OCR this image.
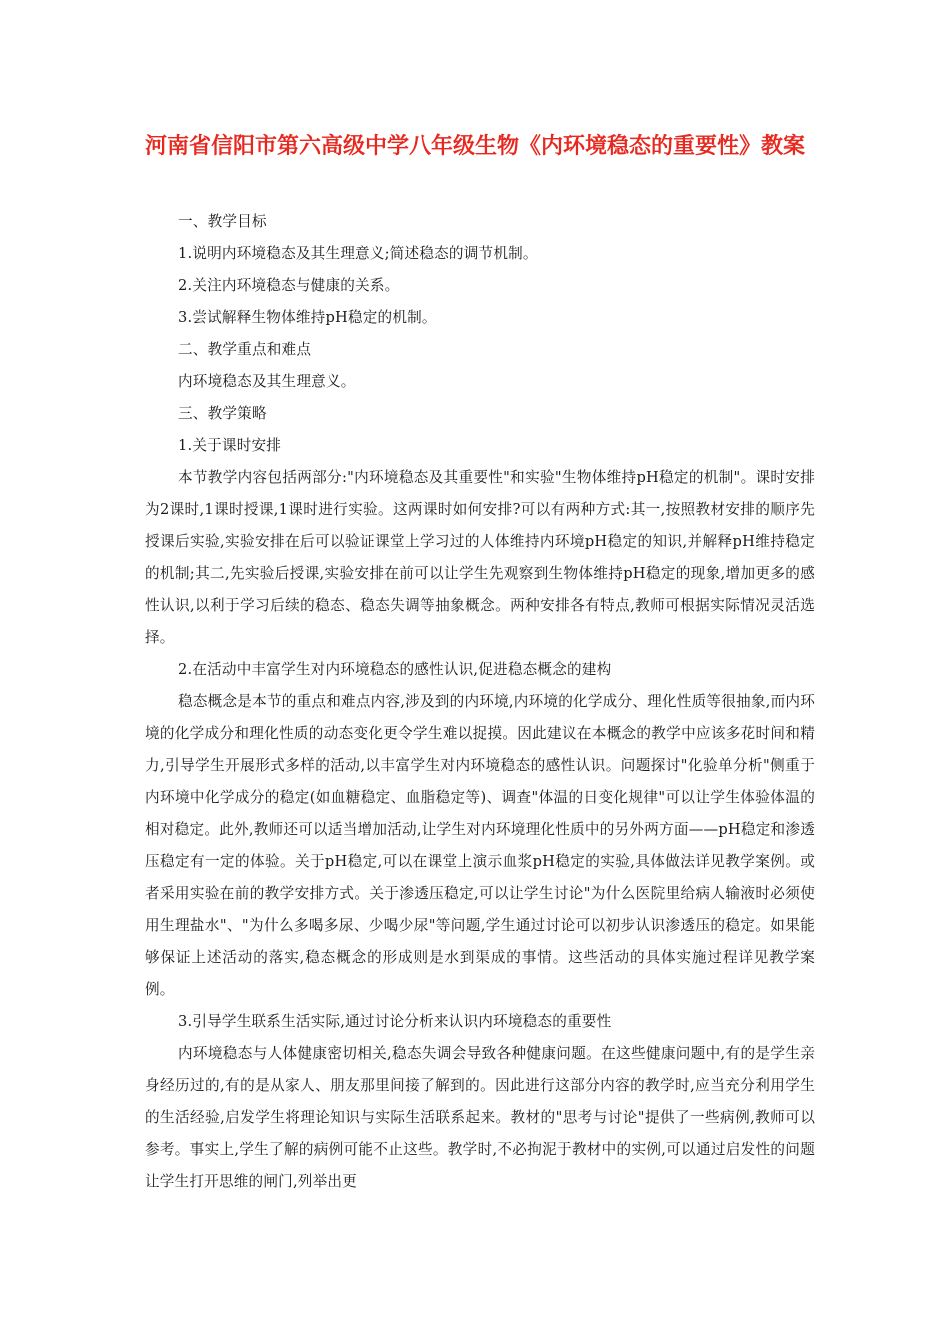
河南省信阳市第六高级中学八年级生物《内环境稳态的重要性》教案

一、教学目标

1.说明内环境稳态及其生理意义;简述稳态的调节机制。

2.关注内环境稳态与健康的关系。

3.尝试解释生物体维持pH稳定的机制。

二、教学重点和难点

内环境稳态及其生理意义。

三、教学策略

1.关于课时安排

本节教学内容包括两部分:"内环境稳态及其重要性"和实验"生物体维持pH稳定的机制"。课时安排为2课时,1课时授课,1课时进行实验。这两课时如何安排?可以有两种方式:其一,按照教材安排的顺序先授课后实验,实验安排在后可以验证课堂上学习过的人体维持内环境pH稳定的知识,并解释pH维持稳定的机制;其二,先实验后授课,实验安排在前可以让学生先观察到生物体维持pH稳定的现象,增加更多的感性认识,以利于学习后续的稳态、稳态失调等抽象概念。两种安排各有特点,教师可根据实际情况灵活选择。

2.在活动中丰富学生对内环境稳态的感性认识,促进稳态概念的建构

稳态概念是本节的重点和难点内容,涉及到的内环境,内环境的化学成分、理化性质等很抽象,而内环境的化学成分和理化性质的动态变化更令学生难以捉摸。因此建议在本概念的教学中应该多花时间和精力,引导学生开展形式多样的活动,以丰富学生对内环境稳态的感性认识。问题探讨"化验单分析"侧重于内环境中化学成分的稳定(如血糖稳定、血脂稳定等)、调查"体温的日变化规律"可以让学生体验体温的相对稳定。此外,教师还可以适当增加活动,让学生对内环境理化性质中的另外两方面——pH稳定和渗透压稳定有一定的体验。关于pH稳定,可以在课堂上演示血浆pH稳定的实验,具体做法详见教学案例。或者采用实验在前的教学安排方式。关于渗透压稳定,可以让学生讨论"为什么医院里给病人输液时必须使用生理盐水"、"为什么多喝多尿、少喝少尿"等问题,学生通过讨论可以初步认识渗透压的稳定。如果能够保证上述活动的落实,稳态概念的形成则是水到渠成的事情。这些活动的具体实施过程详见教学案例。

3.引导学生联系生活实际,通过讨论分析来认识内环境稳态的重要性

内环境稳态与人体健康密切相关,稳态失调会导致各种健康问题。在这些健康问题中,有的是学生亲身经历过的,有的是从家人、朋友那里间接了解到的。因此进行这部分内容的教学时,应当充分利用学生的生活经验,启发学生将理论知识与实际生活联系起来。教材的"思考与讨论"提供了一些病例,教师可以参考。事实上,学生了解的病例可能不止这些。教学时,不必拘泥于教材中的实例,可以通过启发性的问题让学生打开思维的闸门,列举出更
